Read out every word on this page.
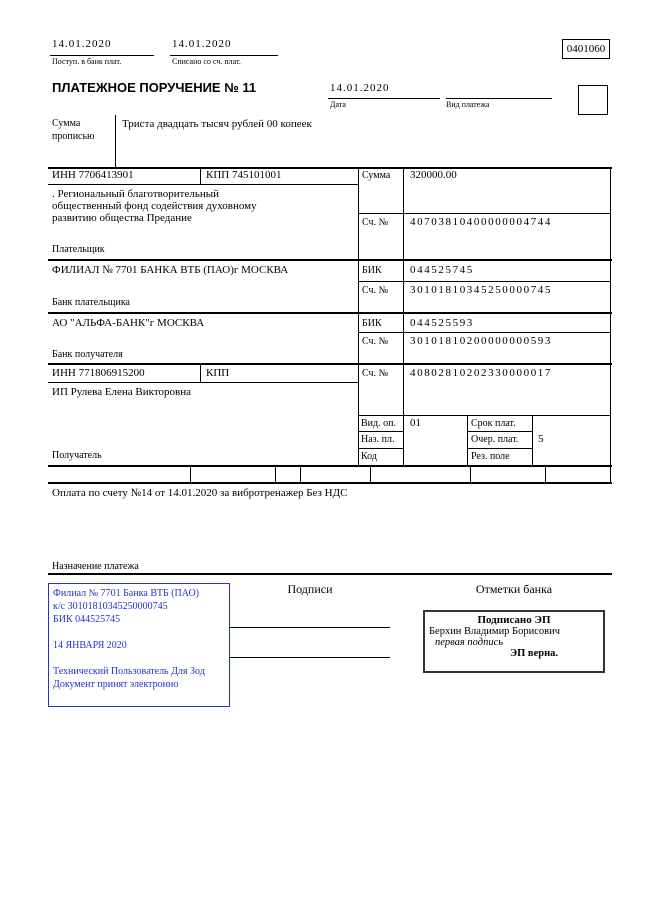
14.01.2020
Поступ. в банк плат.
14.01.2020
Списано со сч. плат.
0401060
ПЛАТЕЖНОЕ ПОРУЧЕНИЕ № 11	14.01.2020
Дата	Вид платежа
Сумма
прописью
Триста двадцать тысяч рублей 00 копеек
ИНН 7706413901	КПП 745101001	Сумма 320000.00
. Региональный благотворительный
общественный фонд содействия духовному
развитию общества Предание	Сч. № 40703810400000004744
Плательщик
ФИЛИАЛ № 7701 БАНКА ВТБ (ПАО)г МОСКВА	БИК	044525745
Сч. № 30101810345250000745
Банк плательщика
АО "АЛЬФА-БАНК"г МОСКВА	БИК	044525593
Сч. № 30101810200000000593
Банк получателя
ИНН 771806915200	КПП	Сч. № 40802810202330000017
ИП Рулева Елена Викторовна
Вид. оп. 01	Срок плат.
Наз. пл.	Очер. плат. 5
Код	Рез. поле
Получатель
Оплата по счету №14 от 14.01.2020 за вибротренажер Без НДС
Назначение платежа
Филиал № 7701 Банка ВТБ (ПАО)
к/с 30101810345250000745
БИК 044525745
14 ЯНВАРЯ 2020
Технический Пользователь Для Зод
Документ принят электронно
Подписи	Отметки банка
Подписано ЭП
Берхин Владимир Борисович
первая подпись
ЭП верна.
